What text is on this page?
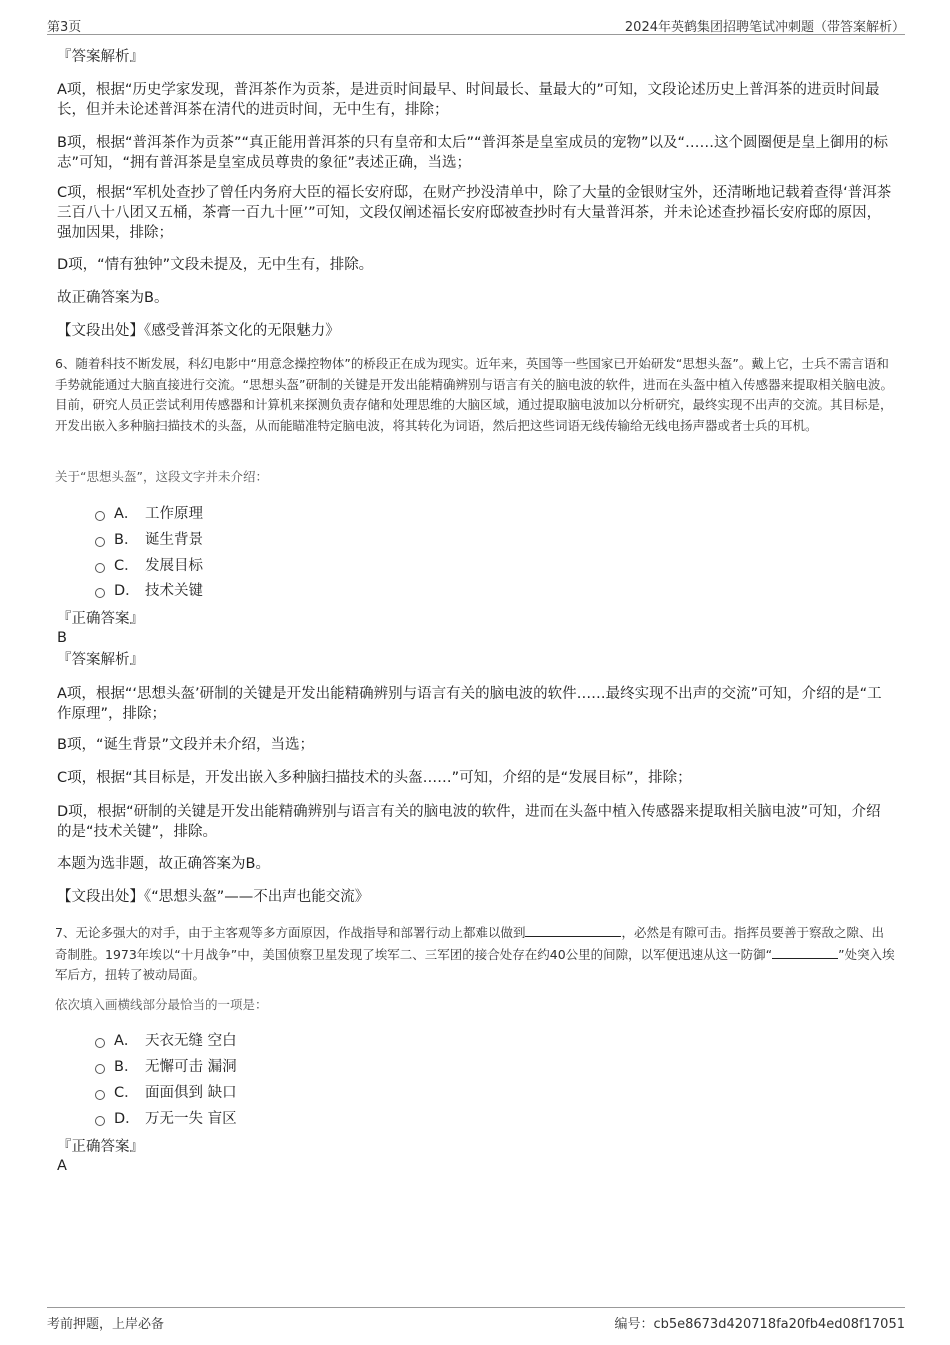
第3页	2024年英鹤集团招聘笔试冲刺题（带答案解析）
『答案解析』
A项，根据“历史学家发现，普洱茶作为贡茶，是进贡时间最早、时间最长、量最大的”可知，文段论述历史上普洱茶的进贡时间最长，但并未论述普洱茶在清代的进贡时间，无中生有，排除；
B项，根据“普洱茶作为贡茶”“真正能用普洱茶的只有皇帝和太后”“普洱茶是皇室成员的宠物”以及“……这个圆圈便是皇上御用的标志”可知，“拥有普洱茶是皇室成员尊贵的象征”表述正确，当选；
C项，根据“军机处查抄了曾任内务府大臣的福长安府邸，在财产抄没清单中，除了大量的金银财宝外，还清晰地记载着查得‘普洱茶三百八十八团又五桶，茶膏一百九十匣’”可知，文段仅阐述福长安府邸被查抄时有大量普洱茶，并未论述查抄福长安府邸的原因，强加因果，排除；
D项，“情有独钟”文段未提及，无中生有，排除。
故正确答案为B。
【文段出处】《感受普洱茶文化的无限魅力》
6、随着科技不断发展，科幻电影中“用意念操控物体”的桥段正在成为现实。近年来，英国等一些国家已开始研发“思想头盔”。戴上它，士兵不需言语和手势就能通过大脑直接进行交流。“思想头盔”研制的关键是开发出能精确辨别与语言有关的脑电波的软件，进而在头盔中植入传感器来提取相关脑电波。目前，研究人员正尝试利用传感器和计算机来探测负责存储和处理思维的大脑区域，通过提取脑电波加以分析研究，最终实现不出声的交流。其目标是，开发出嵌入多种脑扫描技术的头盔，从而能瞄准特定脑电波，将其转化为词语，然后把这些词语无线传输给无线电扬声器或者士兵的耳机。
关于“思想头盔”，这段文字并未介绍：
A． 工作原理
B． 诞生背景
C． 发展目标
D． 技术关键
『正确答案』
B
『答案解析』
A项，根据“‘思想头盔’研制的关键是开发出能精确辨别与语言有关的脑电波的软件……最终实现不出声的交流”可知，介绍的是“工作原理”，排除；
B项，“诞生背景”文段并未介绍，当选；
C项，根据“其目标是，开发出嵌入多种脑扫描技术的头盔……”可知，介绍的是“发展目标”，排除；
D项，根据“研制的关键是开发出能精确辨别与语言有关的脑电波的软件，进而在头盔中植入传感器来提取相关脑电波”可知，介绍的是“技术关键”，排除。
本题为选非题，故正确答案为B。
【文段出处】《“思想头盔”——不出声也能交流》
7、无论多强大的对手，由于主客观等多方面原因，作战指导和部署行动上都难以做到	，必然是有隙可击。指挥员要善于察敌之隙、出奇制胜。1973年埃以“十月战争”中，美国侦察卫星发现了埃军二、三军团的接合处存在约40公里的间隙，以军便迅速从这一防御“	”处突入埃军后方，扭转了被动局面。
依次填入画横线部分最恰当的一项是：
A． 天衣无缝 空白
B． 无懈可击 漏洞
C． 面面俱到 缺口
D． 万无一失 盲区
『正确答案』
A
考前押题，上岸必备	编号：cb5e8673d420718fa20fb4ed08f17051
